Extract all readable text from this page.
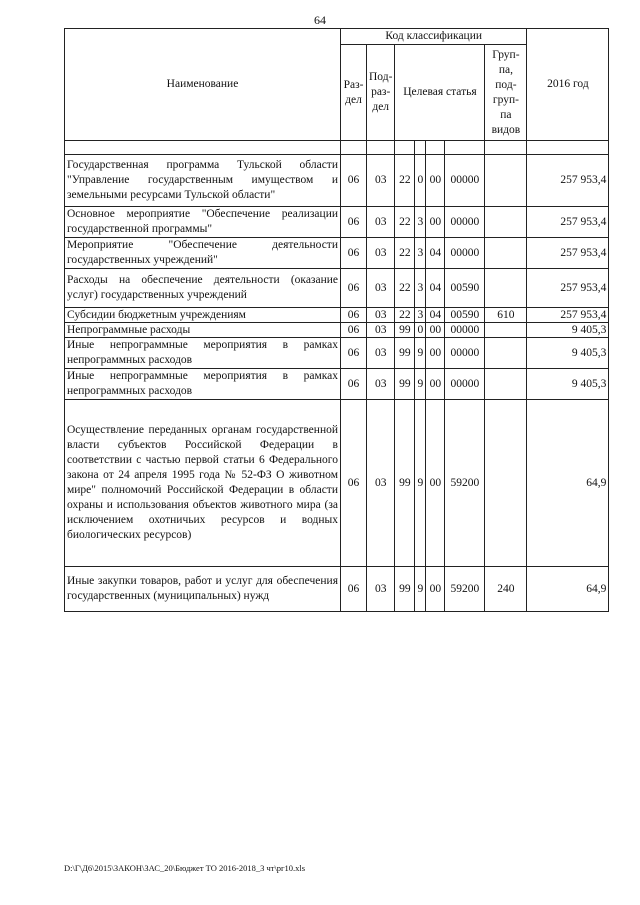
64
Наименование	Код классификации							2016 год
	Раз-дел	Под-раз-дел	Целевая статья				Груп-па, под-груп-па видов	

Государственная программа Тульской области "Управление государственным имуществом и земельными ресурсами Тульской области"	06	03	22	0	00	00000		257 953,4
Основное мероприятие "Обеспечение реализации государственной программы"	06	03	22	3	00	00000		257 953,4
Мероприятие "Обеспечение деятельности государственных учреждений"	06	03	22	3	04	00000		257 953,4
Расходы на обеспечение деятельности (оказание услуг) государственных учреждений	06	03	22	3	04	00590		257 953,4
Субсидии бюджетным учреждениям	06	03	22	3	04	00590	610	257 953,4
Непрограммные расходы	06	03	99	0	00	00000		9 405,3
Иные непрограммные мероприятия в рамках непрограммных расходов	06	03	99	9	00	00000		9 405,3
Иные непрограммные мероприятия в рамках непрограммных расходов	06	03	99	9	00	00000		9 405,3
Осуществление переданных органам государственной власти субъектов Российской Федерации в соответствии с частью первой статьи 6 Федерального закона от 24 апреля 1995 года № 52-ФЗ О животном мире" полномочий Российской Федерации в области охраны и использования объектов животного мира (за исключением охотничьих ресурсов и водных биологических ресурсов)	06	03	99	9	00	59200		64,9
Иные закупки товаров, работ и услуг для обеспечения государственных (муниципальных) нужд	06	03	99	9	00	59200	240	64,9
D:\Г\Д6\2015\ЗАКОН\ЗАС_20\Бюджет ТО 2016-2018_3 чт\рг10.xls
